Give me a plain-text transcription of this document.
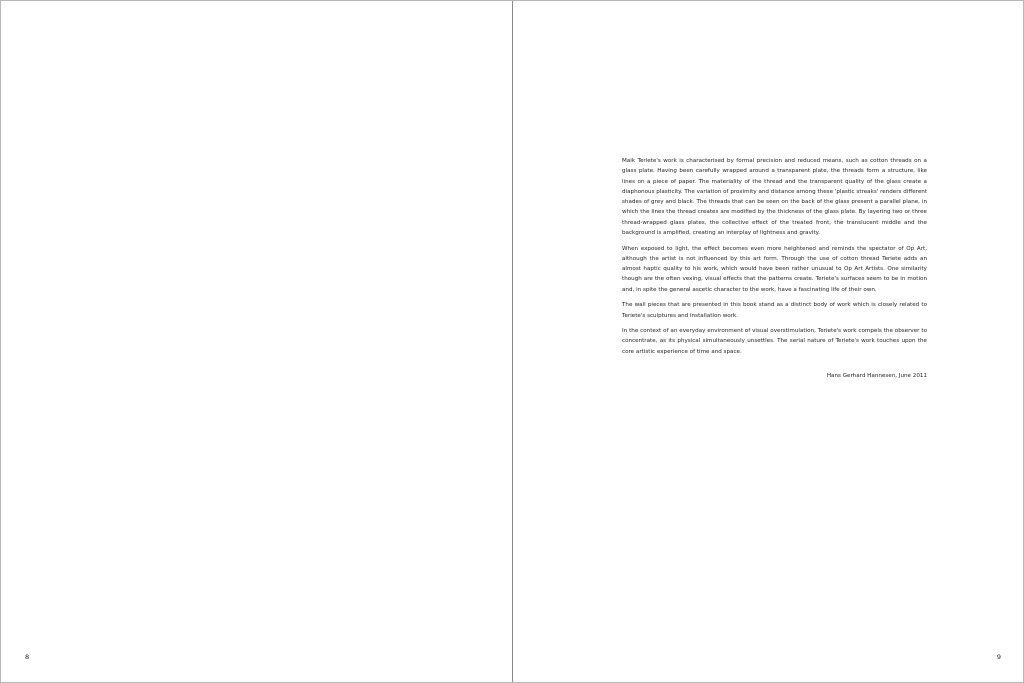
8

Maik Teriete's work is characterised by formal precision and reduced means, such as cotton threads on a glass plate. Having been carefully wrapped around a transparent plate, the threads form a structure, like lines on a piece of paper. The materiality of the thread and the transparent quality of the glass create a diaphonous plasticity. The variation of proximity and distance among these 'plastic streaks' renders different shades of grey and black. The threads that can be seen on the back of the glass present a parallel plane, in which the lines the thread creates are modified by the thickness of the glass plate. By layering two or three thread-wrapped glass plates, the collective effect of the treated front, the translucent middle and the background is amplified, creating an interplay of lightness and gravity.

When exposed to light, the effect becomes even more heightened and reminds the spectator of Op Art, although the artist is not influenced by this art form. Through the use of cotton thread Teriete adds an almost haptic quality to his work, which would have been rather unusual to Op Art Artists. One similarity though are the often vexing, visual effects that the patterns create. Teriete's surfaces seem to be in motion and, in spite the general ascetic character to the work, have a fascinating life of their own.

The wall pieces that are presented in this book stand as a distinct body of work which is closely related to Teriete's sculptures and installation work.

In the context of an everyday environment of visual overstimulation, Teriete's work compels the observer to concentrate, as its physical simultaneously unsettles. The serial nature of Teriete's work touches upon the core artistic experience of time and space.

Hans Gerhard Hannesen, June 2011
9
